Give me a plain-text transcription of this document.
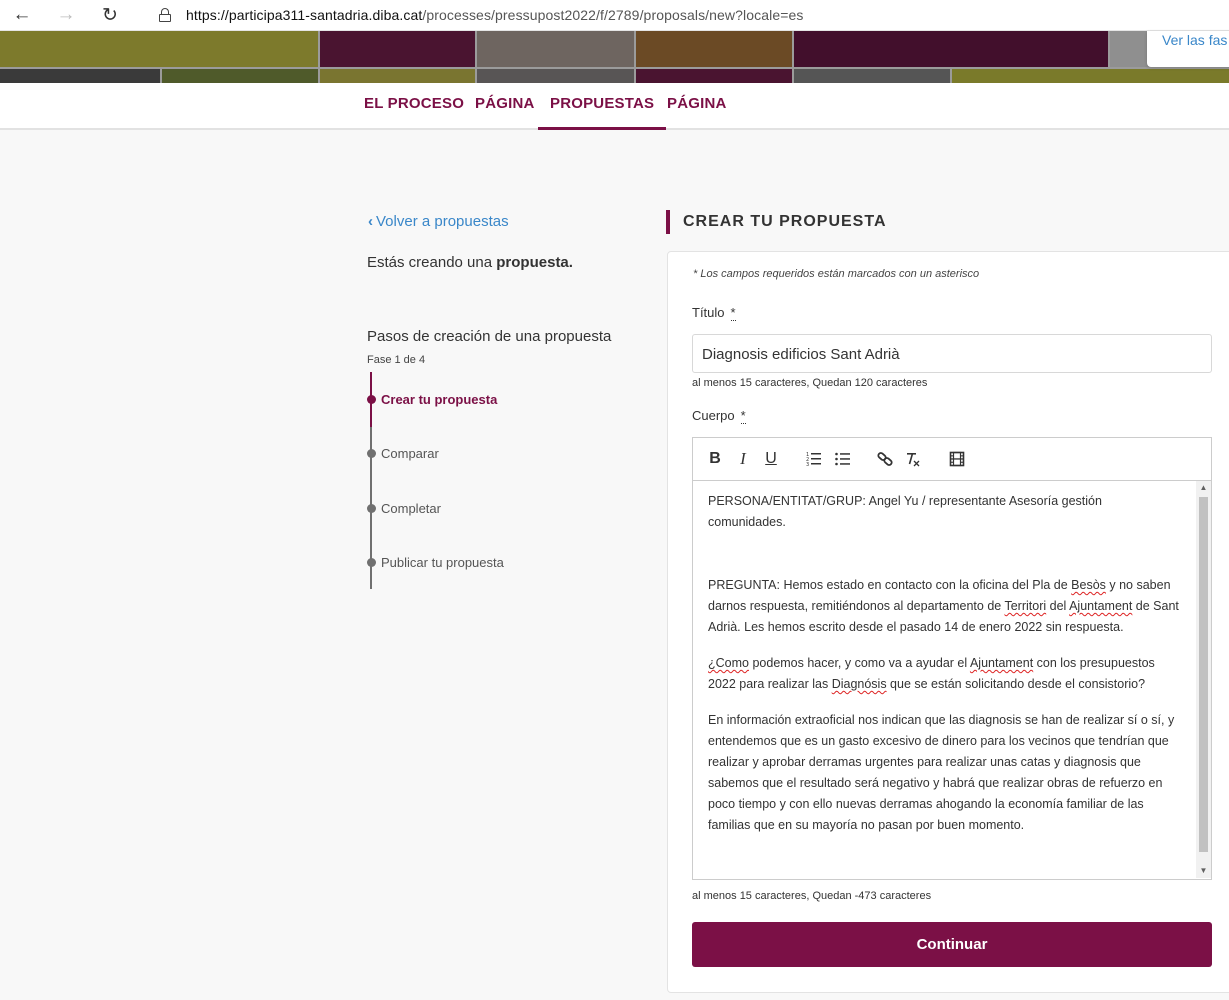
←	→	↻	https://participa311-santadria.diba.cat/processes/pressupost2022/f/2789/proposals/new?locale=es
Ver las fas
EL PROCESO PÁGINA	PROPUESTAS PÁGINA
‹ Volver a propuestas
Estás creando una propuesta.
Pasos de creación de una propuesta
Fase 1 de 4
Crear tu propuesta
Comparar
Completar
Publicar tu propuesta
CREAR TU PROPUESTA
* Los campos requeridos están marcados con un asterisco
Título *
Diagnosis edificios Sant Adrià
al menos 15 caracteres, Quedan 120 caracteres
Cuerpo *
B I U	1
2
3

PERSONA/ENTITAT/GRUP: Angel Yu / representante Asesoría gestión comunidades.

PREGUNTA: Hemos estado en contacto con la oficina del Pla de Besòs y no saben darnos respuesta, remitiéndonos al departamento de Territori del Ajuntament de Sant Adrià. Les hemos escrito desde el pasado 14 de enero 2022 sin respuesta.

¿Como podemos hacer, y como va a ayudar el Ajuntament con los presupuestos 2022 para realizar las Diagnósis que se están solicitando desde el consistorio?

En información extraoficial nos indican que las diagnosis se han de realizar sí o sí, y entendemos que es un gasto excesivo de dinero para los vecinos que tendrían que realizar y aprobar derramas urgentes para realizar unas catas y diagnosis que sabemos que el resultado será negativo y habrá que realizar obras de refuerzo en poco tiempo y con ello nuevas derramas ahogando la economía familiar de las familias que en su mayoría no pasan por buen momento.

▲
▼
al menos 15 caracteres, Quedan -473 caracteres
Continuar
